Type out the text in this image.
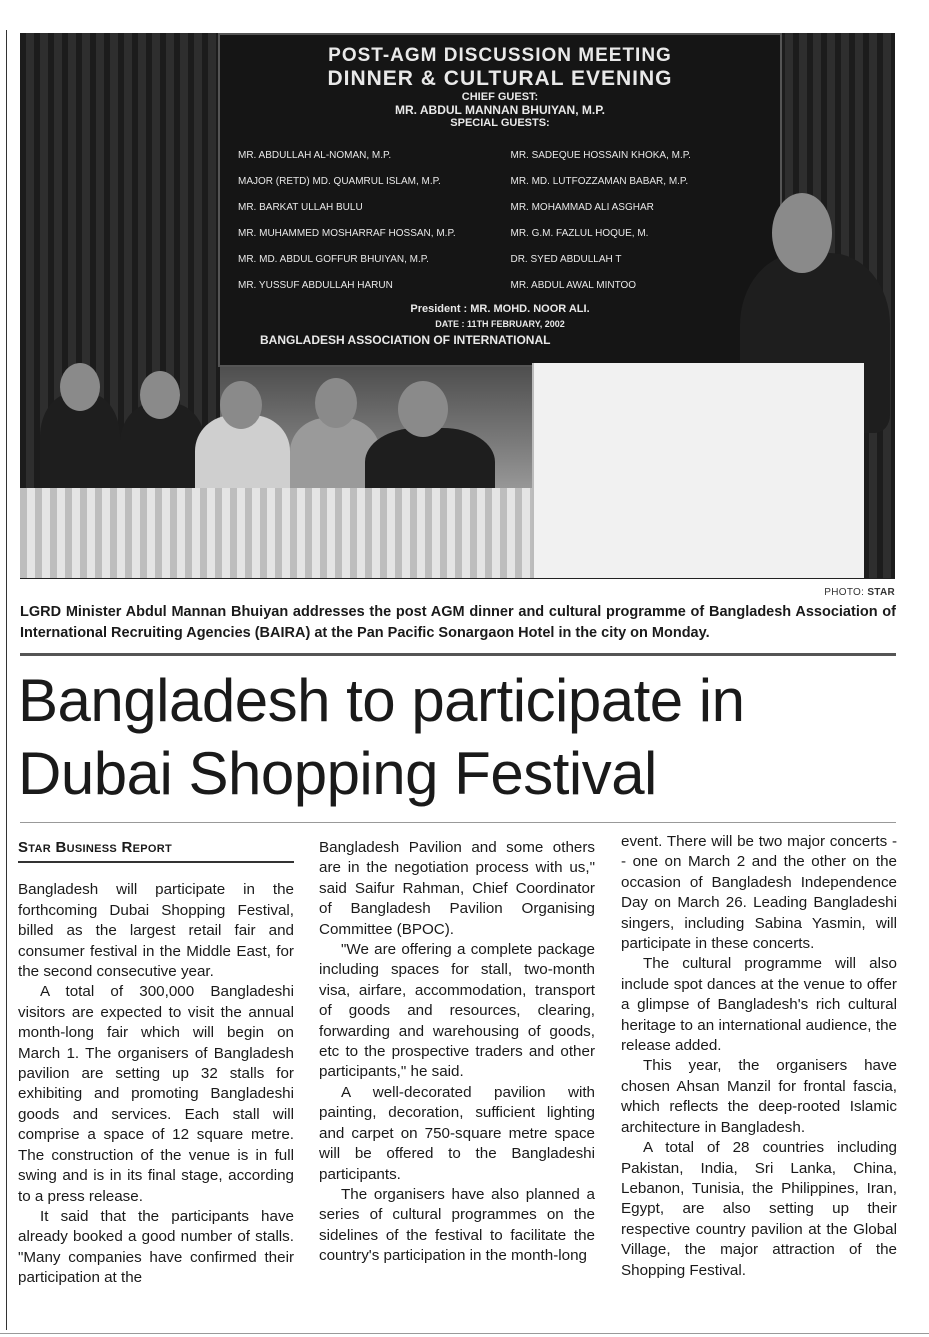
POST-AGM DISCUSSION MEETING
DINNER & CULTURAL EVENING
CHIEF GUEST:
MR. ABDUL MANNAN BHUIYAN, M.P.
SPECIAL GUESTS:
MR. ABDULLAH AL-NOMAN, M.P.
MAJOR (RETD) MD. QUAMRUL ISLAM, M.P.
MR. BARKAT ULLAH BULU
MR. MUHAMMED MOSHARRAF HOSSAN, M.P.
MR. MD. ABDUL GOFFUR BHUIYAN, M.P.
MR. YUSSUF ABDULLAH HARUN
MR. SADEQUE HOSSAIN KHOKA, M.P.
MR. MD. LUTFOZZAMAN BABAR, M.P.
MR. MOHAMMAD ALI ASGHAR
MR. G.M. FAZLUL HOQUE, M.
DR. SYED ABDULLAH T
MR. ABDUL AWAL MINTOO
President : MR. MOHD. NOOR ALI.
DATE : 11TH FEBRUARY, 2002
BANGLADESH ASSOCIATION OF INTERNATIONAL
PHOTO: STAR
LGRD Minister Abdul Mannan Bhuiyan addresses the post AGM dinner and cultural programme of Bangladesh Association of International Recruiting Agencies (BAIRA) at the Pan Pacific Sonargaon Hotel in the city on Monday.
Bangladesh to participate in Dubai Shopping Festival
Star Business Report

Bangladesh will participate in the forthcoming Dubai Shopping Festival, billed as the largest retail fair and consumer festival in the Middle East, for the second consecutive year.

A total of 300,000 Bangladeshi visitors are expected to visit the annual month-long fair which will begin on March 1. The organisers of Bangladesh pavilion are setting up 32 stalls for exhibiting and promoting Bangladeshi goods and services. Each stall will comprise a space of 12 square metre. The construction of the venue is in full swing and is in its final stage, according to a press release.

It said that the participants have already booked a good number of stalls. "Many companies have confirmed their participation at the

Bangladesh Pavilion and some others are in the negotiation process with us," said Saifur Rahman, Chief Coordinator of Bangladesh Pavilion Organising Committee (BPOC).

"We are offering a complete package including spaces for stall, two-month visa, airfare, accommodation, transport of goods and resources, clearing, forwarding and warehousing of goods, etc to the prospective traders and other participants," he said.

A well-decorated pavilion with painting, decoration, sufficient lighting and carpet on 750-square metre space will be offered to the Bangladeshi participants.

The organisers have also planned a series of cultural programmes on the sidelines of the festival to facilitate the country's participation in the month-long

event. There will be two major concerts -- one on March 2 and the other on the occasion of Bangladesh Independence Day on March 26. Leading Bangladeshi singers, including Sabina Yasmin, will participate in these concerts.

The cultural programme will also include spot dances at the venue to offer a glimpse of Bangladesh's rich cultural heritage to an international audience, the release added.

This year, the organisers have chosen Ahsan Manzil for frontal fascia, which reflects the deep-rooted Islamic architecture in Bangladesh.

A total of 28 countries including Pakistan, India, Sri Lanka, China, Lebanon, Tunisia, the Philippines, Iran, Egypt, are also setting up their respective country pavilion at the Global Village, the major attraction of the Shopping Festival.
